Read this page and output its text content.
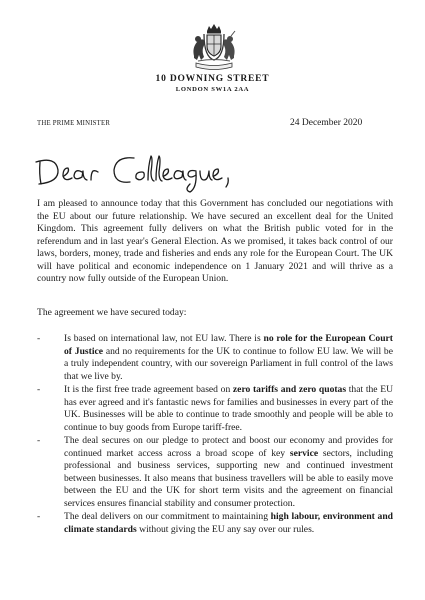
10 DOWNING STREET
LONDON SW1A 2AA
THE PRIME MINISTER	24 December 2020
I am pleased to announce today that this Government has concluded our negotiations with the EU about our future relationship. We have secured an excellent deal for the United Kingdom. This agreement fully delivers on what the British public voted for in the referendum and in last year's General Election. As we promised, it takes back control of our laws, borders, money, trade and fisheries and ends any role for the European Court. The UK will have political and economic independence on 1 January 2021 and will thrive as a country now fully outside of the European Union.
The agreement we have secured today:
- Is based on international law, not EU law. There is no role for the European Court of Justice and no requirements for the UK to continue to follow EU law. We will be a truly independent country, with our sovereign Parliament in full control of the laws that we live by.
- It is the first free trade agreement based on zero tariffs and zero quotas that the EU has ever agreed and it's fantastic news for families and businesses in every part of the UK. Businesses will be able to continue to trade smoothly and people will be able to continue to buy goods from Europe tariff-free.
- The deal secures on our pledge to protect and boost our economy and provides for continued market access across a broad scope of key service sectors, including professional and business services, supporting new and continued investment between businesses. It also means that business travellers will be able to easily move between the EU and the UK for short term visits and the agreement on financial services ensures financial stability and consumer protection.
- The deal delivers on our commitment to maintaining high labour, environment and climate standards without giving the EU any say over our rules.
